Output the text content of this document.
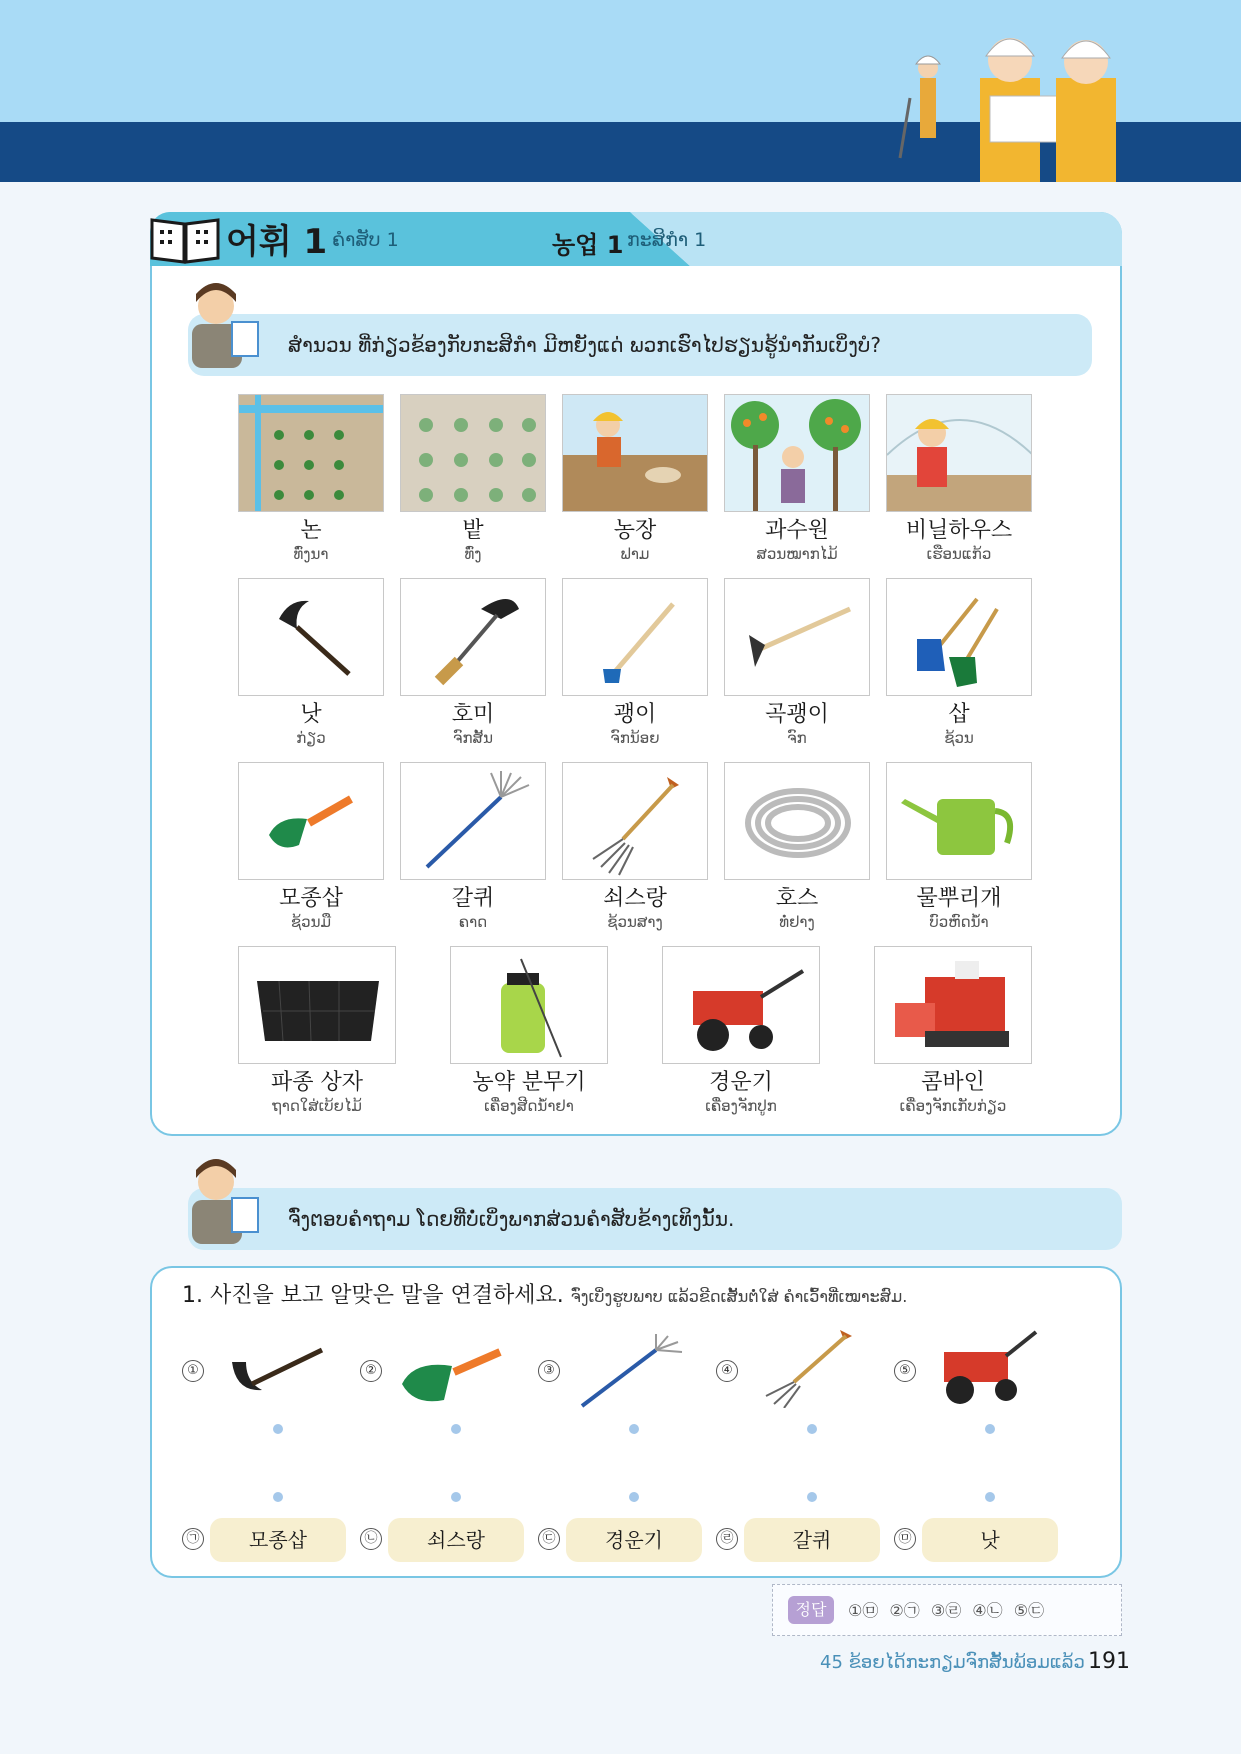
어휘 1 ຄຳສັບ 1	농업 1 ກະສິກຳ 1
ສຳນວນ ທີ່ກ່ຽວຂ້ອງກັບກະສິກຳ ມີຫຍັງແດ່ ພວກເຮົາໄປຮຽນຮູ້ນຳກັນເບິ່ງບໍ?
논
ທົ່ງນາ
밭
ທົ່ງ
농장
ຟາມ
과수원
ສວນໝາກໄມ້
비닐하우스
ເຮືອນແກ້ວ
낫
ກ່ຽວ
호미
ຈົກສັ້ນ
괭이
ຈົກນ້ອຍ
곡괭이
ຈົກ
삽
ຊ້ວນ
모종삽
ຊ້ວນມື
갈퀴
ຄາດ
쇠스랑
ຊ້ວນສາງ
호스
ທໍ່ຢາງ
물뿌리개
ບົວຫົດນ້ຳ
파종 상자
ຖາດໃສ່ເບ້ຍໄມ້
농약 분무기
ເຄື່ອງສີດນ້ຳຢາ
경운기
ເຄື່ອງຈັກປູກ
콤바인
ເຄື່ອງຈັກເກັບກ່ຽວ
ຈົ່ງຕອບຄຳຖາມ ໂດຍທີ່ບໍ່ເບິ່ງພາກສ່ວນຄຳສັບຂ້າງເທິງນັ້ນ.
1. 사진을 보고 알맞은 말을 연결하세요. ຈົ່ງເບິ່ງຮູບພາບ ແລ້ວຂີດເສັ້ນຕໍ່ໃສ່ ຄຳເວົ້າທີ່ເໝາະສົມ.
①	②	③	④	⑤
㉠	㉡	㉢	㉣	㉤
모종삽	쇠스랑	경운기	갈퀴	낫
정답	①㉤ ②㉠ ③㉣ ④㉡ ⑤㉢
45 ຂ້ອຍໄດ້ກະກຽມຈົກສັ້ນພ້ອມແລ້ວ 191
